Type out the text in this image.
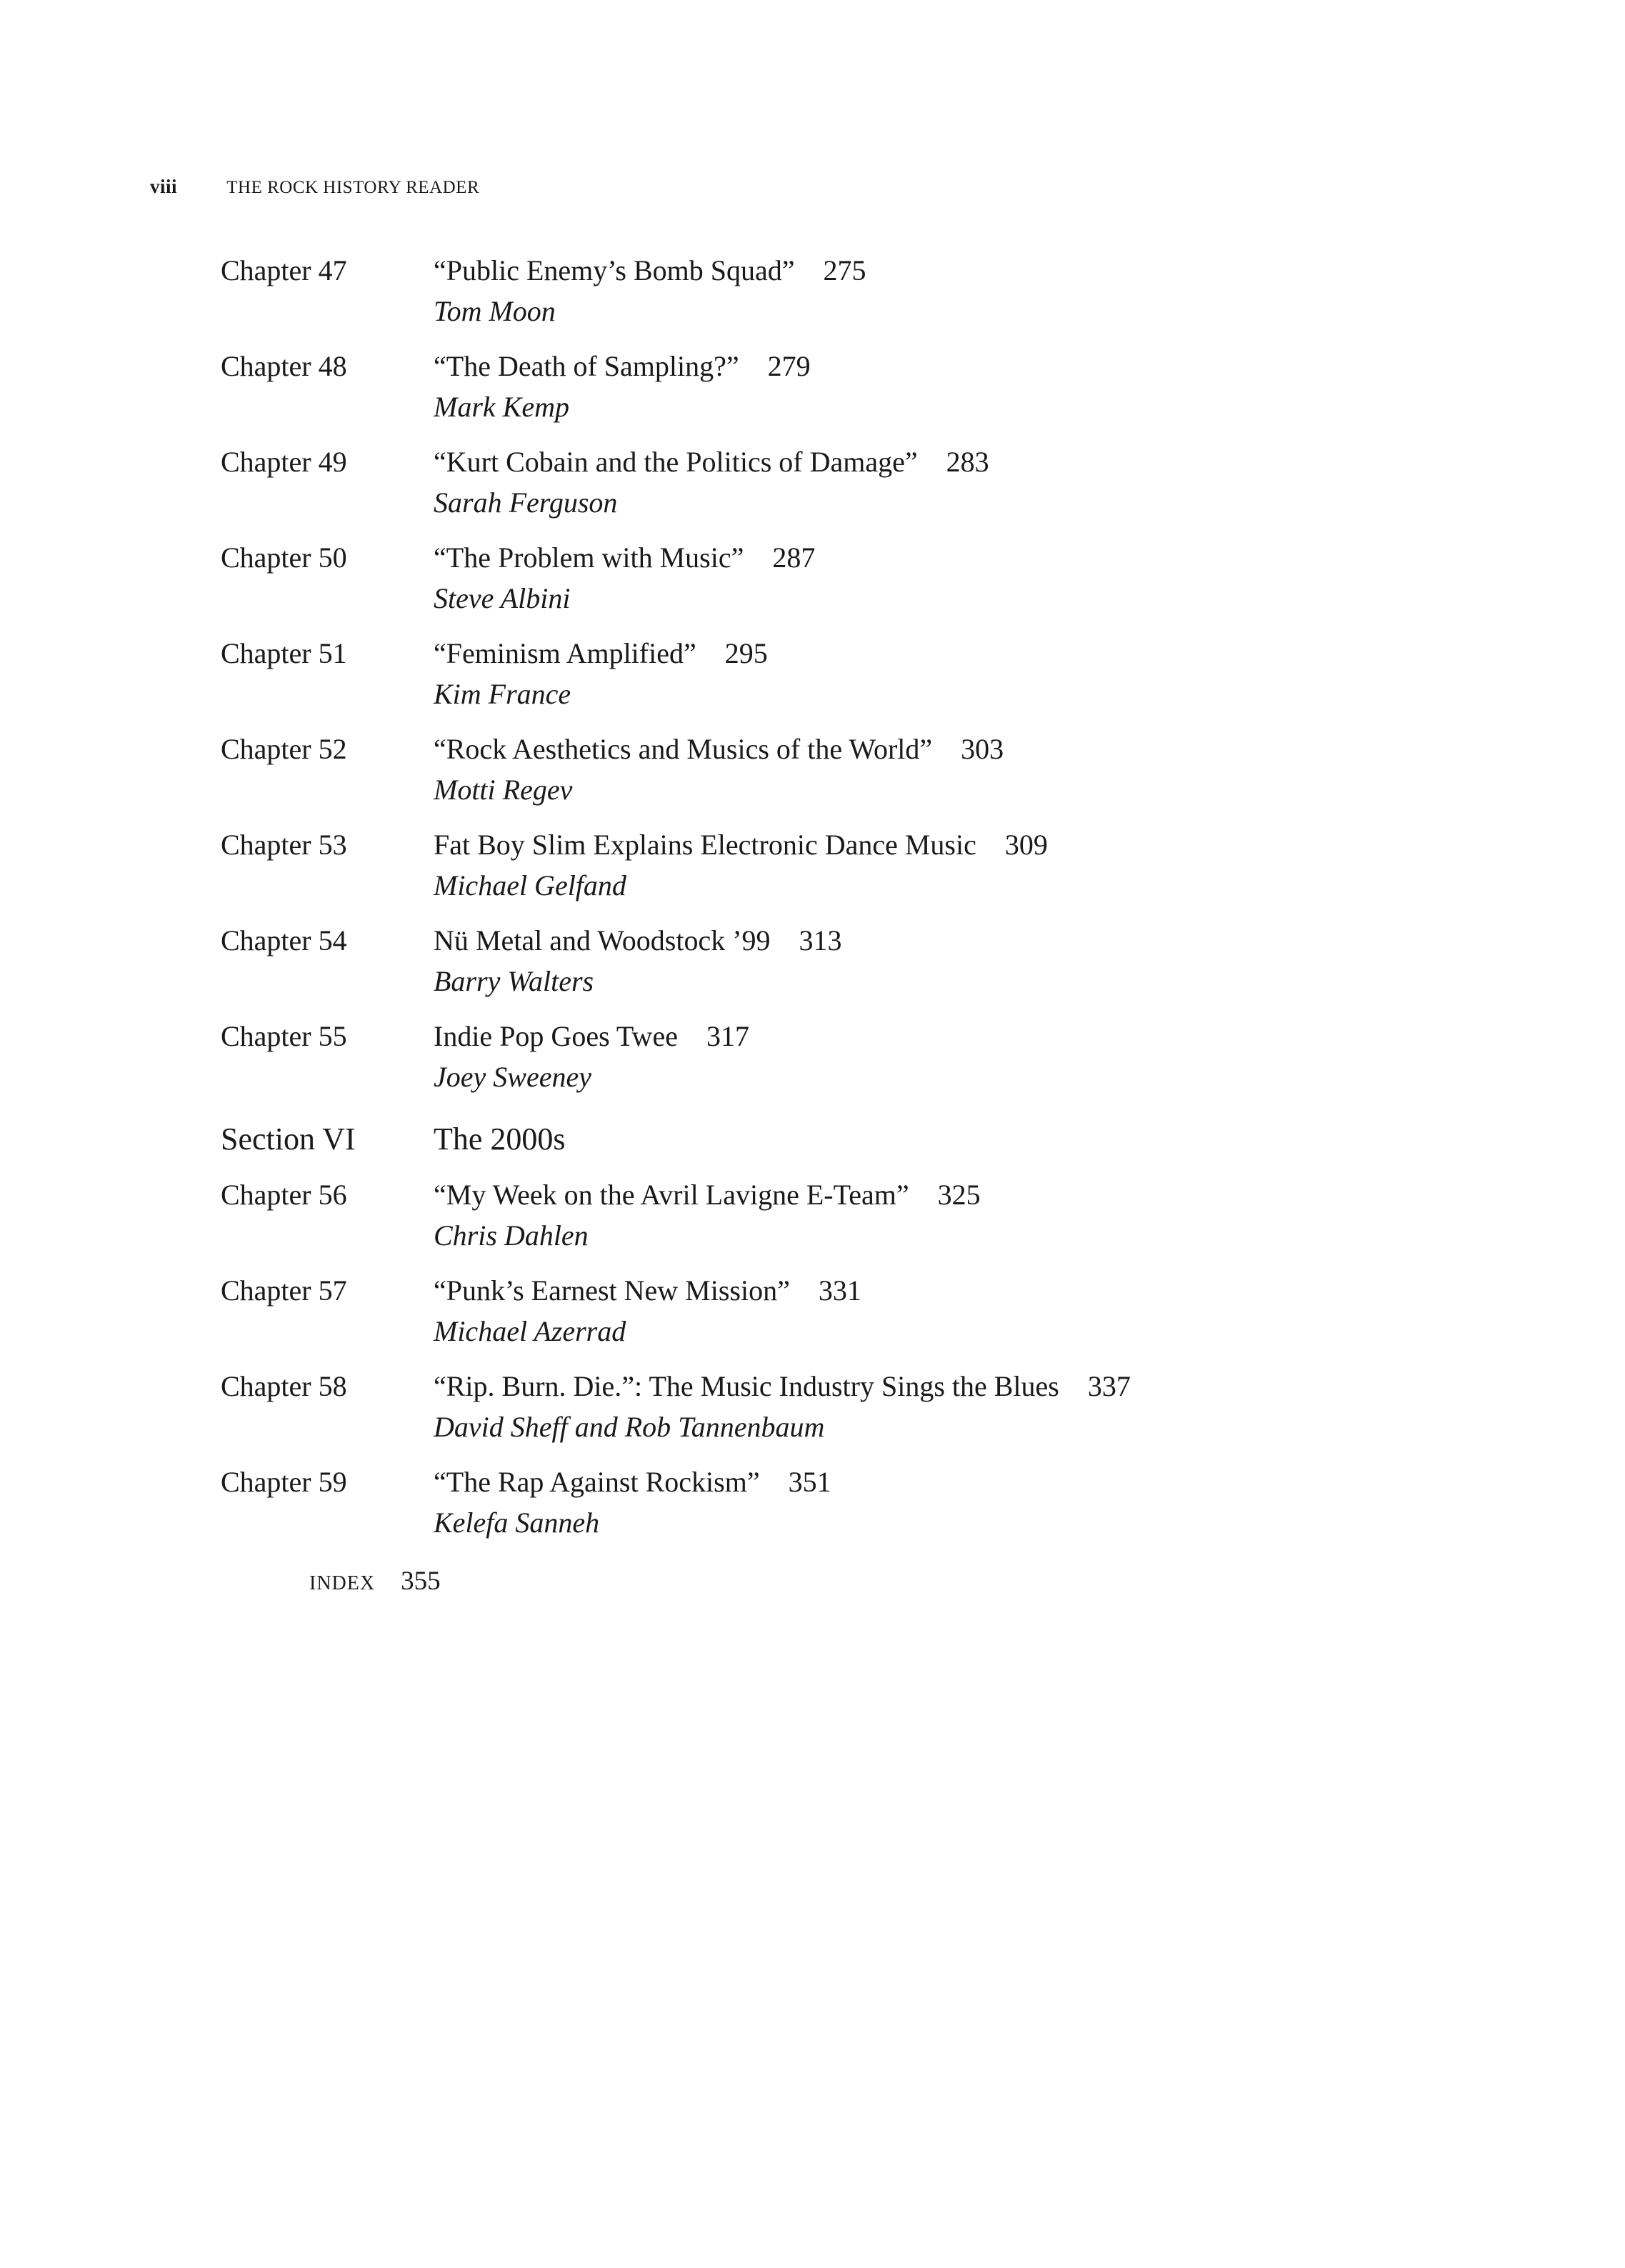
viii	THE ROCK HISTORY READER
Chapter 47	“Public Enemy’s Bomb Squad” 275
Tom Moon
Chapter 48	“The Death of Sampling?” 279
Mark Kemp
Chapter 49	“Kurt Cobain and the Politics of Damage” 283
Sarah Ferguson
Chapter 50	“The Problem with Music” 287
Steve Albini
Chapter 51	“Feminism Amplified” 295
Kim France
Chapter 52	“Rock Aesthetics and Musics of the World” 303
Motti Regev
Chapter 53	Fat Boy Slim Explains Electronic Dance Music 309
Michael Gelfand
Chapter 54	Nü Metal and Woodstock ’99 313
Barry Walters
Chapter 55	Indie Pop Goes Twee 317
Joey Sweeney
Section VI The 2000s
Chapter 56	“My Week on the Avril Lavigne E-Team” 325
Chris Dahlen
Chapter 57	“Punk’s Earnest New Mission” 331
Michael Azerrad
Chapter 58	“Rip. Burn. Die.”: The Music Industry Sings the Blues 337
David Sheff and Rob Tannenbaum
Chapter 59	“The Rap Against Rockism” 351
Kelefa Sanneh
INDEX 355
